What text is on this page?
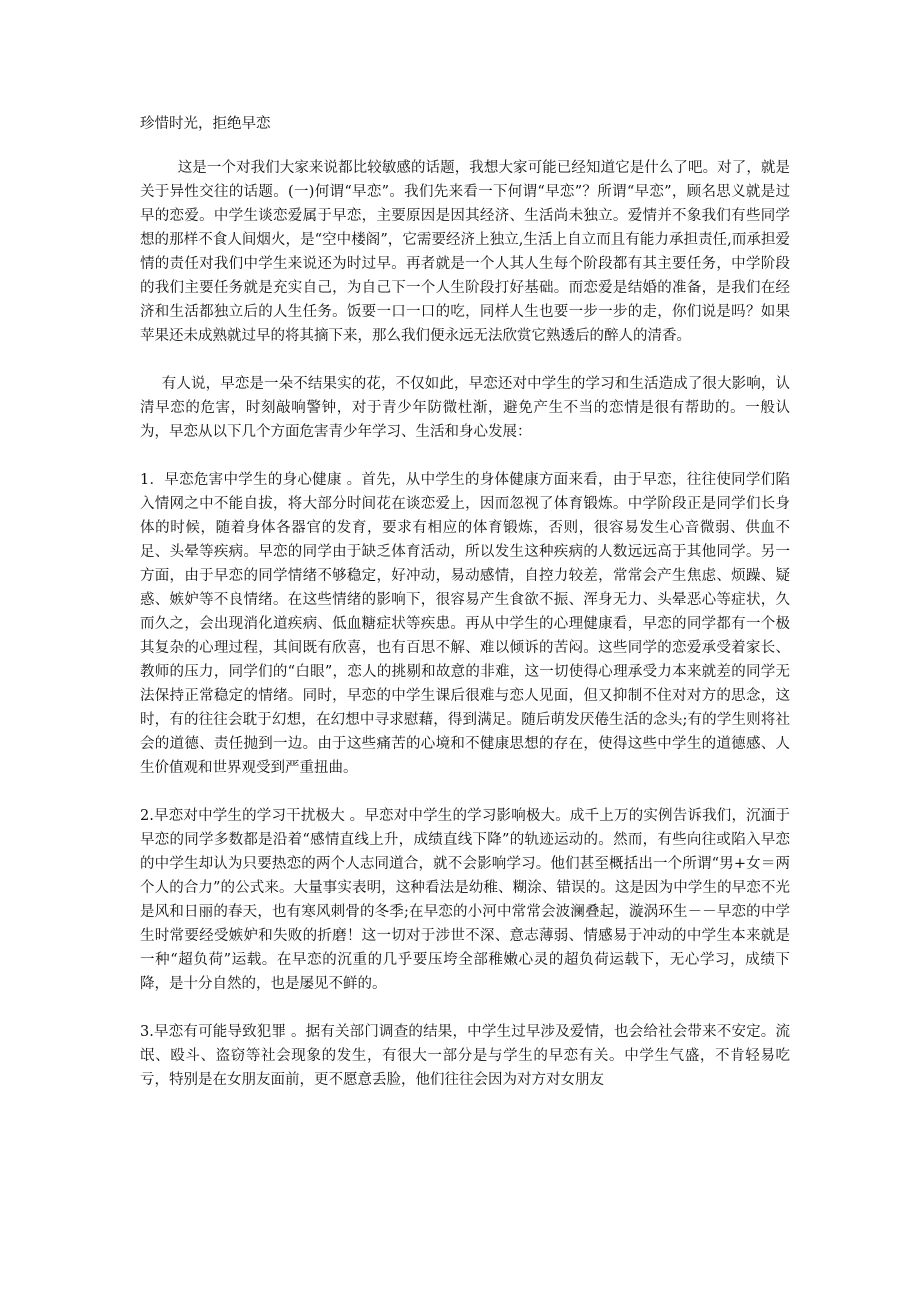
珍惜时光，拒绝早恋

这是一个对我们大家来说都比较敏感的话题，我想大家可能已经知道它是什么了吧。对了，就是关于异性交往的话题。(一)何谓“早恋”。我们先来看一下何谓“早恋”？所谓“早恋”，顾名思义就是过早的恋爱。中学生谈恋爱属于早恋，主要原因是因其经济、生活尚未独立。爱情并不象我们有些同学想的那样不食人间烟火，是“空中楼阁”，它需要经济上独立,生活上自立而且有能力承担责任,而承担爱情的责任对我们中学生来说还为时过早。再者就是一个人其人生每个阶段都有其主要任务，中学阶段的我们主要任务就是充实自己，为自己下一个人生阶段打好基础。而恋爱是结婚的准备，是我们在经济和生活都独立后的人生任务。饭要一口一口的吃，同样人生也要一步一步的走，你们说是吗？如果苹果还未成熟就过早的将其摘下来，那么我们便永远无法欣赏它熟透后的醉人的清香。

有人说，早恋是一朵不结果实的花，不仅如此，早恋还对中学生的学习和生活造成了很大影响，认清早恋的危害，时刻敲响警钟，对于青少年防微杜渐，避免产生不当的恋情是很有帮助的。一般认为，早恋从以下几个方面危害青少年学习、生活和身心发展：

1．早恋危害中学生的身心健康 。首先，从中学生的身体健康方面来看，由于早恋，往往使同学们陷入情网之中不能自拔，将大部分时间花在谈恋爱上，因而忽视了体育锻炼。中学阶段正是同学们长身体的时候，随着身体各器官的发育，要求有相应的体育锻炼，否则，很容易发生心音微弱、供血不足、头晕等疾病。早恋的同学由于缺乏体育活动，所以发生这种疾病的人数远远高于其他同学。另一方面，由于早恋的同学情绪不够稳定，好冲动，易动感情，自控力较差，常常会产生焦虑、烦躁、疑惑、嫉妒等不良情绪。在这些情绪的影响下，很容易产生食欲不振、浑身无力、头晕恶心等症状，久而久之，会出现消化道疾病、低血糖症状等疾患。再从中学生的心理健康看，早恋的同学都有一个极其复杂的心理过程，其间既有欣喜，也有百思不解、难以倾诉的苦闷。这些同学的恋爱承受着家长、教师的压力，同学们的“白眼”，恋人的挑剔和故意的非难，这一切使得心理承受力本来就差的同学无法保持正常稳定的情绪。同时，早恋的中学生课后很难与恋人见面，但又抑制不住对对方的思念，这时，有的往往会耽于幻想，在幻想中寻求慰藉，得到满足。随后萌发厌倦生活的念头;有的学生则将社会的道德、责任抛到一边。由于这些痛苦的心境和不健康思想的存在，使得这些中学生的道德感、人生价值观和世界观受到严重扭曲。

2.早恋对中学生的学习干扰极大 。早恋对中学生的学习影响极大。成千上万的实例告诉我们，沉湎于早恋的同学多数都是沿着“感情直线上升，成绩直线下降”的轨迹运动的。然而，有些向往或陷入早恋的中学生却认为只要热恋的两个人志同道合，就不会影响学习。他们甚至概括出一个所谓“男+女＝两个人的合力”的公式来。大量事实表明，这种看法是幼稚、糊涂、错误的。这是因为中学生的早恋不光是风和日丽的春天，也有寒风刺骨的冬季;在早恋的小河中常常会波澜叠起，漩涡环生－－早恋的中学生时常要经受嫉妒和失败的折磨！这一切对于涉世不深、意志薄弱、情感易于冲动的中学生本来就是一种“超负荷”运载。在早恋的沉重的几乎要压垮全部稚嫩心灵的超负荷运载下，无心学习，成绩下降，是十分自然的，也是屡见不鲜的。

3.早恋有可能导致犯罪 。据有关部门调查的结果，中学生过早涉及爱情，也会给社会带来不安定。流氓、殴斗、盗窃等社会现象的发生，有很大一部分是与学生的早恋有关。中学生气盛，不肯轻易吃亏，特别是在女朋友面前，更不愿意丢脸，他们往往会因为对方对女朋友
